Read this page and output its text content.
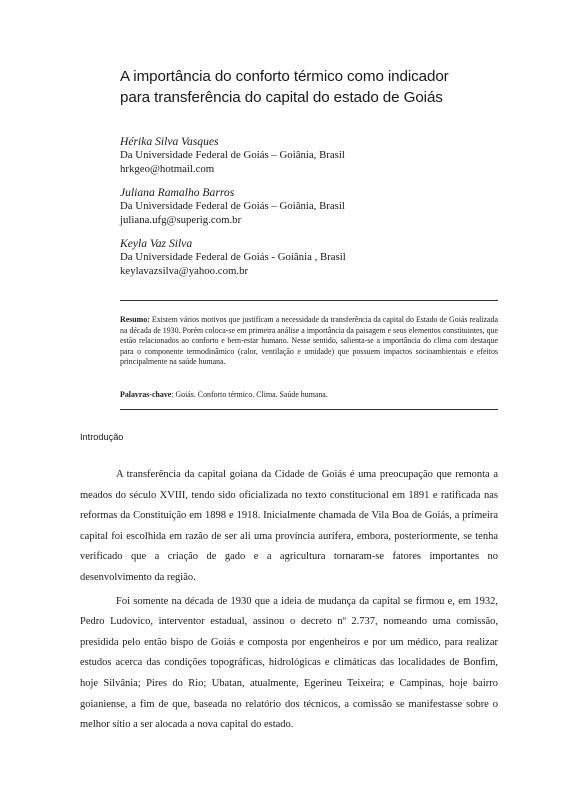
A importância do conforto térmico como indicador
para transferência do capital do estado de Goiás
Hérika Silva Vasques
Da Universidade Federal de Goiás – Goiânia, Brasil
hrkgeo@hotmail.com
Juliana Ramalho Barros
Da Universidade Federal de Goiás – Goiânia, Brasil
juliana.ufg@superig.com.br
Keyla Vaz Silva
Da Universidade Federal de Goiás - Goiânia , Brasil
keylavazsilva@yahoo.com.br
Resumo: Existem vários motivos que justificam a necessidade da transferência da capital do Estado de Goiás realizada na década de 1930. Porém coloca-se em primeira análise a importância da paisagem e seus elementos constituintes, que estão relacionados ao conforto e bem-estar humano. Nesse sentido, salienta-se a importância do clima com destaque para o componente termodinâmico (calor, ventilação e umidade) que possuem impactos socioambientais e efeitos principalmente na saúde humana.
Palavras-chave: Goiás. Conforto térmico. Clima. Saúde humana.
Introdução

A transferência da capital goiana da Cidade de Goiás é uma preocupação que remonta a meados do século XVIII, tendo sido oficializada no texto constitucional em 1891 e ratificada nas reformas da Constituição em 1898 e 1918. Inicialmente chamada de Vila Boa de Goiás, a primeira capital foi escolhida em razão de ser ali uma província aurífera, embora, posteriormente, se tenha verificado que a criação de gado e a agricultura tornaram-se fatores importantes no desenvolvimento da região.

Foi somente na década de 1930 que a ideia de mudança da capital se firmou e, em 1932, Pedro Ludovico, interventor estadual, assinou o decreto nº 2.737, nomeando uma comissão, presidida pelo então bispo de Goiás e composta por engenheiros e por um médico, para realizar estudos acerca das condições topográficas, hidrológicas e climáticas das localidades de Bonfim, hoje Silvânia; Pires do Rio; Ubatan, atualmente, Egerineu Teixeira; e Campinas, hoje bairro goianiense, a fim de que, baseada no relatório dos técnicos, a comissão se manifestasse sobre o melhor sítio a ser alocada a nova capital do estado.
